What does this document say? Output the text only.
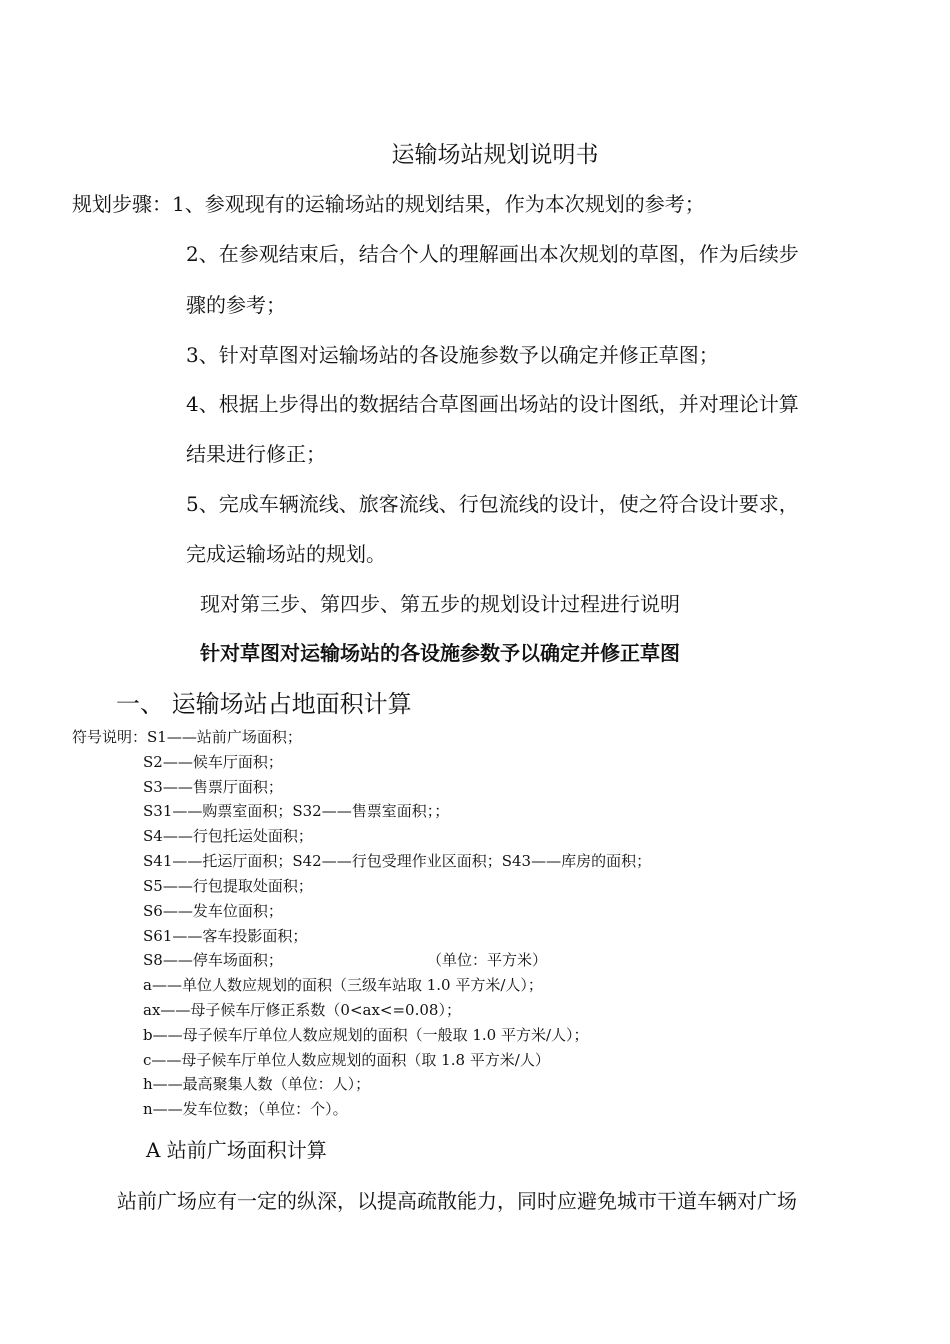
运输场站规划说明书
规划步骤：1、参观现有的运输场站的规划结果，作为本次规划的参考；
2、在参观结束后，结合个人的理解画出本次规划的草图，作为后续步
骤的参考；
3、针对草图对运输场站的各设施参数予以确定并修正草图；
4、根据上步得出的数据结合草图画出场站的设计图纸，并对理论计算
结果进行修正；
5、完成车辆流线、旅客流线、行包流线的设计，使之符合设计要求，
完成运输场站的规划。
现对第三步、第四步、第五步的规划设计过程进行说明
针对草图对运输场站的各设施参数予以确定并修正草图
一、 运输场站占地面积计算
符号说明：S1——站前广场面积；
S2——候车厅面积；
S3——售票厅面积；
S31——购票室面积；S32——售票室面积；；
S4——行包托运处面积；
S41——托运厅面积；S42——行包受理作业区面积；S43——库房的面积；
S5——行包提取处面积；
S6——发车位面积；
S61——客车投影面积；
S8——停车场面积；	（单位：平方米）
a——单位人数应规划的面积（三级车站取 1.0 平方米/人）；
ax——母子候车厅修正系数（0<ax<=0.08）；
b——母子候车厅单位人数应规划的面积（一般取 1.0 平方米/人）；
c——母子候车厅单位人数应规划的面积（取 1.8 平方米/人）
h——最高聚集人数（单位：人）；
n——发车位数；（单位：个）。
A 站前广场面积计算
站前广场应有一定的纵深，以提高疏散能力，同时应避免城市干道车辆对广场
